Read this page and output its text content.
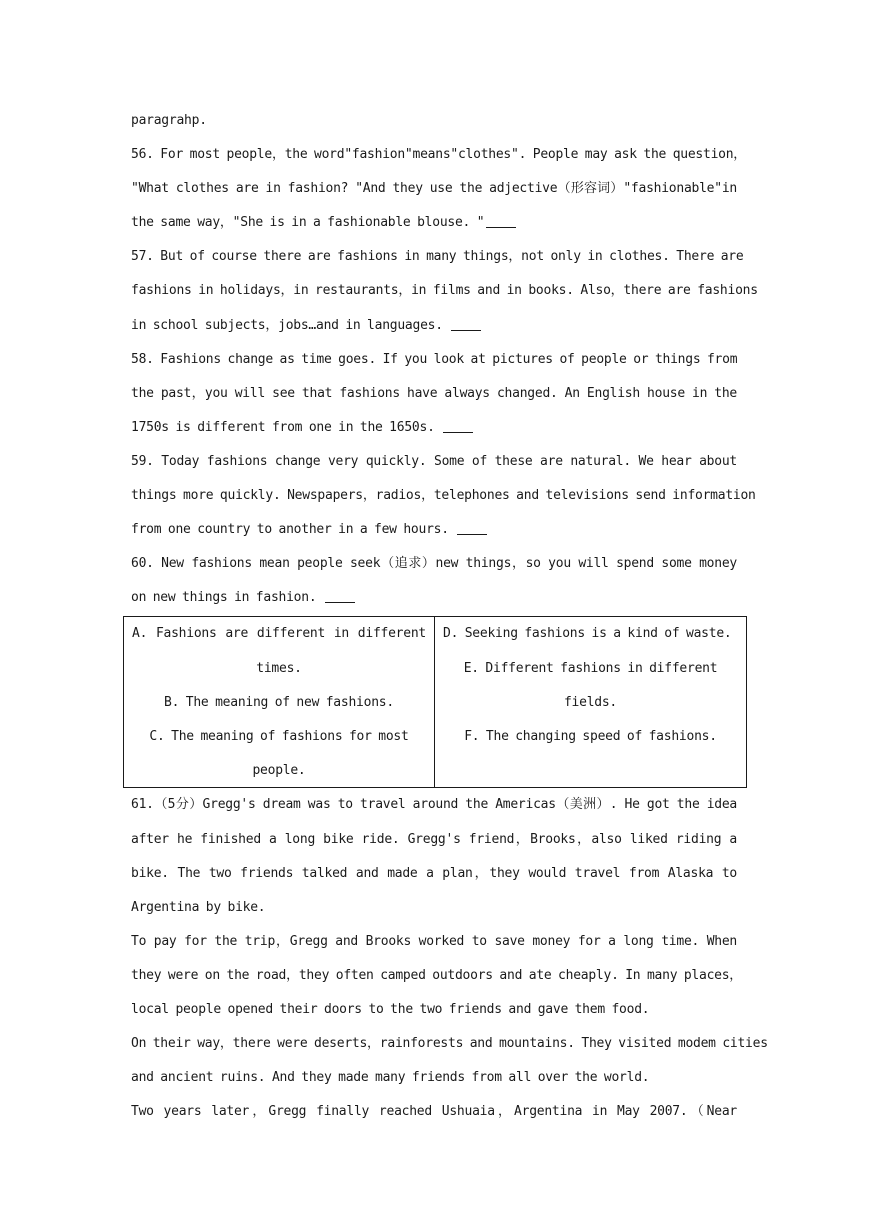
paragrahp.
56. For most people，the word"fashion"means"clothes". People may ask the question，
"What clothes are in fashion? "And they use the adjective（形容词）"fashionable"in
the same way，"She is in a fashionable blouse. "
57. But of course there are fashions in many things，not only in clothes. There are
fashions in holidays，in restaurants，in films and in books. Also，there are fashions
in school subjects，jobs…and in languages.
58. Fashions change as time goes. If you look at pictures of people or things from
the past，you will see that fashions have always changed. An English house in the
1750s is different from one in the 1650s.
59. Today fashions change very quickly. Some of these are natural. We hear about
things more quickly. Newspapers，radios，telephones and televisions send information
from one country to another in a few hours.
60. New fashions mean people seek（追求）new things，so you will spend some money
on new things in fashion.
A. Fashions are different in different
times.
B. The meaning of new fashions.
C. The meaning of fashions for most
people.
D. Seeking fashions is a kind of waste.
E. Different fashions in different
fields.
F. The changing speed of fashions.
61.（5分）Gregg's dream was to travel around the Americas（美洲）. He got the idea
after he finished a long bike ride. Gregg's friend，Brooks，also liked riding a
bike. The two friends talked and made a plan，they would travel from Alaska to
Argentina by bike.
To pay for the trip，Gregg and Brooks worked to save money for a long time. When
they were on the road，they often camped outdoors and ate cheaply. In many places，
local people opened their doors to the two friends and gave them food.
On their way，there were deserts，rainforests and mountains. They visited modem cities
and ancient ruins. And they made many friends from all over the world.
Two years later，Gregg finally reached Ushuaia，Argentina in May 2007.（Near
